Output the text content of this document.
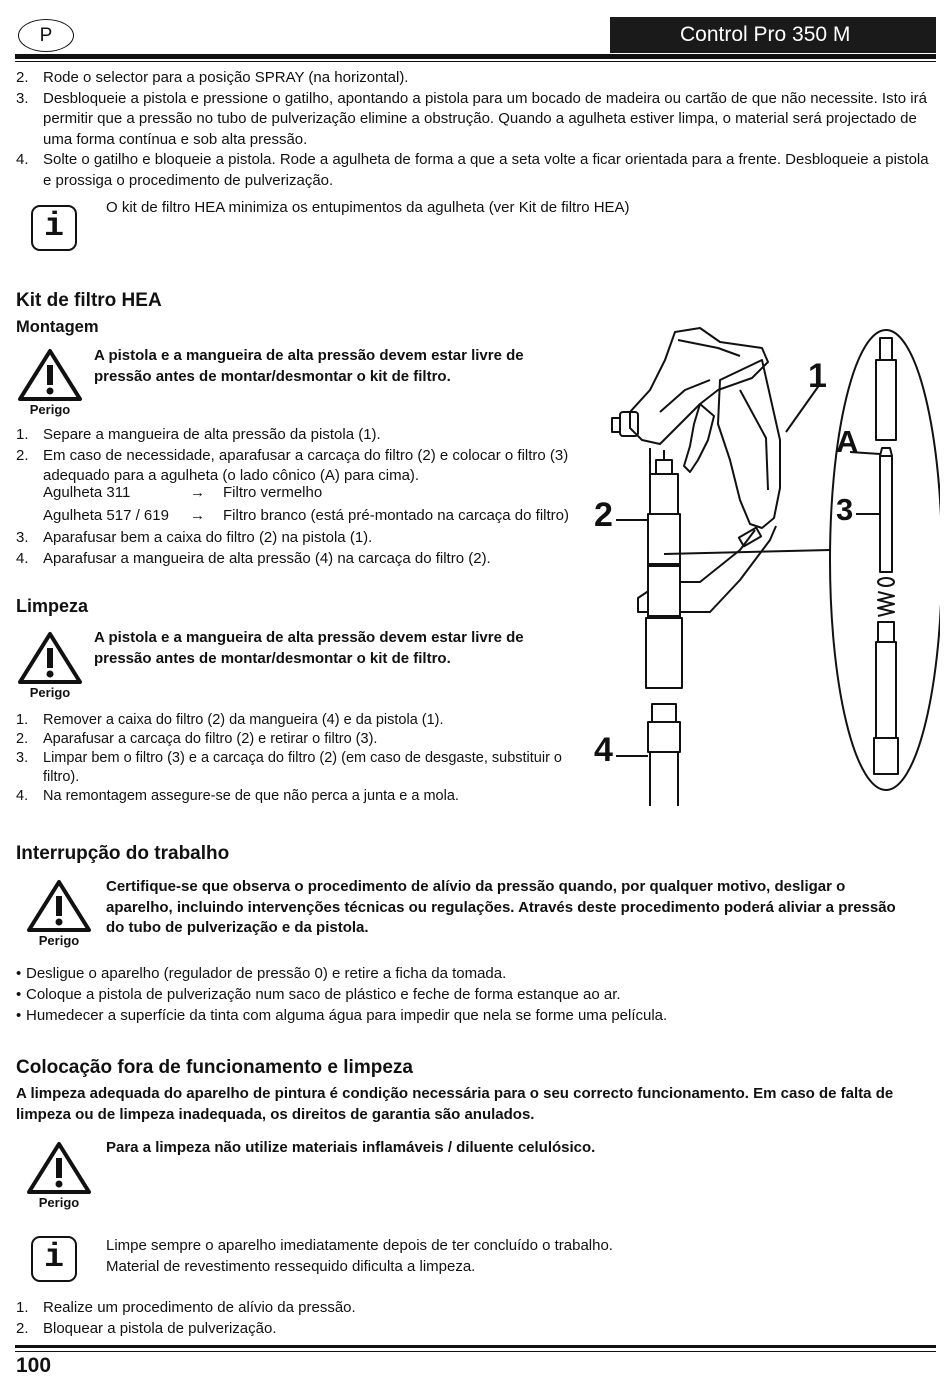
P	Control Pro 350 M
2. Rode o selector para a posição SPRAY (na horizontal).
3. Desbloqueie a pistola e pressione o gatilho, apontando a pistola para um bocado de madeira ou cartão de que não necessite. Isto irá permitir que a pressão no tubo de pulverização elimine a obstrução. Quando a agulheta estiver limpa, o material será projectado de uma forma contínua e sob alta pressão.
4. Solte o gatilho e bloqueie a pistola. Rode a agulheta de forma a que a seta volte a ficar orientada para a frente. Desbloqueie a pistola e prossiga o procedimento de pulverização.
i
O kit de filtro HEA minimiza os entupimentos da agulheta (ver Kit de filtro HEA)
Kit de filtro HEA
Montagem
Perigo
A pistola e a mangueira de alta pressão devem estar livre de pressão antes de montar/desmontar o kit de filtro.
1. Separe a mangueira de alta pressão da pistola (1).
2. Em caso de necessidade, aparafusar a carcaça do filtro (2) e colocar o filtro (3) adequado para a agulheta (o lado cônico (A) para cima).
Agulheta 311	→ Filtro vermelho
Agulheta 517 / 619 → Filtro branco (está pré-montado na carcaça do filtro)
3. Aparafusar bem a caixa do filtro (2) na pistola (1).
4. Aparafusar a mangueira de alta pressão (4) na carcaça do filtro (2).
Limpeza
Perigo
A pistola e a mangueira de alta pressão devem estar livre de pressão antes de montar/desmontar o kit de filtro.
1. Remover a caixa do filtro (2) da mangueira (4) e da pistola (1).
2. Aparafusar a carcaça do filtro (2) e retirar o filtro (3).
3. Limpar bem o filtro (3) e a carcaça do filtro (2) (em caso de desgaste, substituir o filtro).
4. Na remontagem assegure-se de que não perca a junta e a mola.
1
2
A
3
4
Interrupção do trabalho
Perigo
Certifique-se que observa o procedimento de alívio da pressão quando, por qualquer motivo, desligar o aparelho, incluindo intervenções técnicas ou regulações. Através deste procedimento poderá aliviar a pressão do tubo de pulverização e da pistola.
• Desligue o aparelho (regulador de pressão 0) e retire a ficha da tomada.
• Coloque a pistola de pulverização num saco de plástico e feche de forma estanque ao ar.
• Humedecer a superfície da tinta com alguma água para impedir que nela se forme uma película.
Colocação fora de funcionamento e limpeza
A limpeza adequada do aparelho de pintura é condição necessária para o seu correcto funcionamento. Em caso de falta de limpeza ou de limpeza inadequada, os direitos de garantia são anulados.
Perigo
Para a limpeza não utilize materiais inflamáveis / diluente celulósico.
i	Limpe sempre o aparelho imediatamente depois de ter concluído o trabalho.
Material de revestimento ressequido dificulta a limpeza.
1. Realize um procedimento de alívio da pressão.
2. Bloquear a pistola de pulverização.
100
